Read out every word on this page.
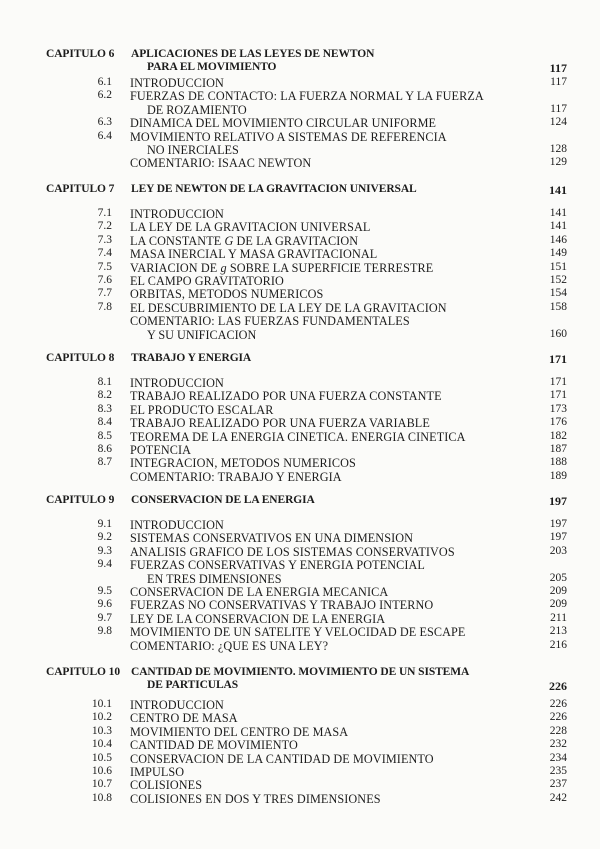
CAPITULO 6 APLICACIONES DE LAS LEYES DE NEWTON
PARA EL MOVIMIENTO	117
6.1 INTRODUCCION	117
6.2 FUERZAS DE CONTACTO: LA FUERZA NORMAL Y LA FUERZA
DE ROZAMIENTO	117
6.3 DINAMICA DEL MOVIMIENTO CIRCULAR UNIFORME	124
6.4 MOVIMIENTO RELATIVO A SISTEMAS DE REFERENCIA
NO INERCIALES	128
COMENTARIO: ISAAC NEWTON	129
CAPITULO 7 LEY DE NEWTON DE LA GRAVITACION UNIVERSAL	141
7.1 INTRODUCCION	141
7.2 LA LEY DE LA GRAVITACION UNIVERSAL	141
7.3 LA CONSTANTE G DE LA GRAVITACION	146
7.4 MASA INERCIAL Y MASA GRAVITACIONAL	149
7.5 VARIACION DE g SOBRE LA SUPERFICIE TERRESTRE	151
7.6 EL CAMPO GRAVITATORIO	152
7.7 ORBITAS, METODOS NUMERICOS	154
7.8 EL DESCUBRIMIENTO DE LA LEY DE LA GRAVITACION	158
COMENTARIO: LAS FUERZAS FUNDAMENTALES
Y SU UNIFICACION	160
CAPITULO 8 TRABAJO Y ENERGIA	171
8.1 INTRODUCCION	171
8.2 TRABAJO REALIZADO POR UNA FUERZA CONSTANTE	171
8.3 EL PRODUCTO ESCALAR	173
8.4 TRABAJO REALIZADO POR UNA FUERZA VARIABLE	176
8.5 TEOREMA DE LA ENERGIA CINETICA. ENERGIA CINETICA	182
8.6 POTENCIA	187
8.7 INTEGRACION, METODOS NUMERICOS	188
COMENTARIO: TRABAJO Y ENERGIA	189
CAPITULO 9 CONSERVACION DE LA ENERGIA	197
9.1 INTRODUCCION	197
9.2 SISTEMAS CONSERVATIVOS EN UNA DIMENSION	197
9.3 ANALISIS GRAFICO DE LOS SISTEMAS CONSERVATIVOS	203
9.4 FUERZAS CONSERVATIVAS Y ENERGIA POTENCIAL
EN TRES DIMENSIONES	205
9.5 CONSERVACION DE LA ENERGIA MECANICA	209
9.6 FUERZAS NO CONSERVATIVAS Y TRABAJO INTERNO	209
9.7 LEY DE LA CONSERVACION DE LA ENERGIA	211
9.8 MOVIMIENTO DE UN SATELITE Y VELOCIDAD DE ESCAPE	213
COMENTARIO: ¿QUE ES UNA LEY?	216
CAPITULO 10 CANTIDAD DE MOVIMIENTO. MOVIMIENTO DE UN SISTEMA
DE PARTICULAS	226
10.1 INTRODUCCION	226
10.2 CENTRO DE MASA	226
10.3 MOVIMIENTO DEL CENTRO DE MASA	228
10.4 CANTIDAD DE MOVIMIENTO	232
10.5 CONSERVACION DE LA CANTIDAD DE MOVIMIENTO	234
10.6 IMPULSO	235
10.7 COLISIONES	237
10.8 COLISIONES EN DOS Y TRES DIMENSIONES	242
